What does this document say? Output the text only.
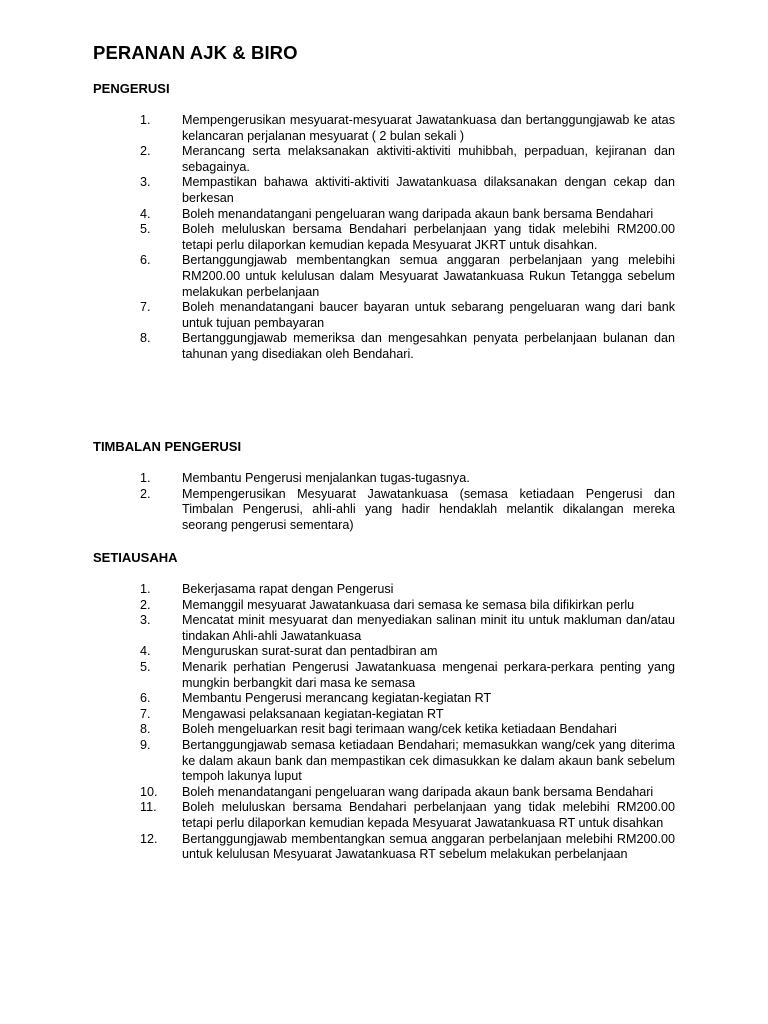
PERANAN AJK & BIRO
PENGERUSI
1.	Mempengerusikan mesyuarat-mesyuarat Jawatankuasa dan bertanggungjawab ke atas kelancaran perjalanan mesyuarat ( 2 bulan sekali )
2.	Merancang serta melaksanakan aktiviti-aktiviti muhibbah, perpaduan, kejiranan dan sebagainya.
3.	Mempastikan bahawa aktiviti-aktiviti Jawatankuasa dilaksanakan dengan cekap dan berkesan
4.	Boleh menandatangani pengeluaran wang daripada akaun bank bersama Bendahari
5.	Boleh meluluskan bersama Bendahari perbelanjaan yang tidak melebihi RM200.00 tetapi perlu dilaporkan kemudian kepada Mesyuarat JKRT untuk disahkan.
6.	Bertanggungjawab membentangkan semua anggaran perbelanjaan yang melebihi RM200.00 untuk kelulusan dalam Mesyuarat Jawatankuasa Rukun Tetangga sebelum melakukan perbelanjaan
7.	Boleh menandatangani baucer bayaran untuk sebarang pengeluaran wang dari bank untuk tujuan pembayaran
8.	Bertanggungjawab memeriksa dan mengesahkan penyata perbelanjaan bulanan dan tahunan yang disediakan oleh Bendahari.
TIMBALAN PENGERUSI
1.	Membantu Pengerusi menjalankan tugas-tugasnya.
2.	Mempengerusikan Mesyuarat Jawatankuasa (semasa ketiadaan Pengerusi dan Timbalan Pengerusi, ahli-ahli yang hadir hendaklah melantik dikalangan mereka seorang pengerusi sementara)
SETIAUSAHA
1.	Bekerjasama rapat dengan Pengerusi
2.	Memanggil mesyuarat Jawatankuasa dari semasa ke semasa bila difikirkan perlu
3.	Mencatat minit mesyuarat dan menyediakan salinan minit itu untuk makluman dan/atau tindakan Ahli-ahli Jawatankuasa
4.	Menguruskan surat-surat dan pentadbiran am
5.	Menarik perhatian Pengerusi Jawatankuasa mengenai perkara-perkara penting yang mungkin berbangkit dari masa ke semasa
6.	Membantu Pengerusi merancang kegiatan-kegiatan RT
7.	Mengawasi pelaksanaan kegiatan-kegiatan RT
8.	Boleh mengeluarkan resit bagi terimaan wang/cek ketika ketiadaan Bendahari
9.	Bertanggungjawab semasa ketiadaan Bendahari; memasukkan wang/cek yang diterima ke dalam akaun bank dan mempastikan cek dimasukkan ke dalam akaun bank sebelum tempoh lakunya luput
10.	Boleh menandatangani pengeluaran wang daripada akaun bank bersama Bendahari
11.	Boleh meluluskan bersama Bendahari perbelanjaan yang tidak melebihi RM200.00 tetapi perlu dilaporkan kemudian kepada Mesyuarat Jawatankuasa RT untuk disahkan
12.	Bertanggungjawab membentangkan semua anggaran perbelanjaan melebihi RM200.00 untuk kelulusan Mesyuarat Jawatankuasa RT sebelum melakukan perbelanjaan
